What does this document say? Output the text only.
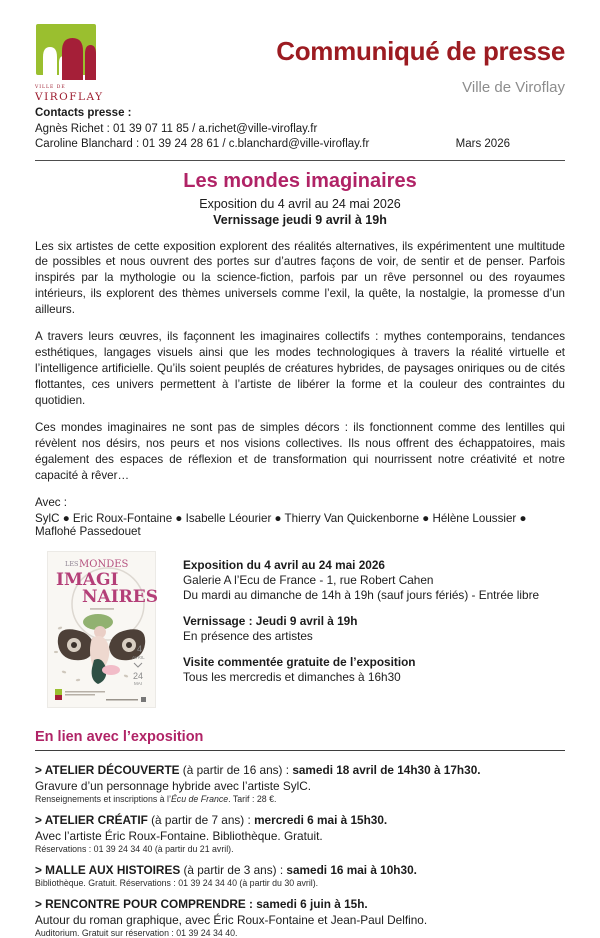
VILLE DE
VIROFLAY
Communiqué de presse
Ville de Viroflay
Contacts presse :
Agnès Richet : 01 39 07 11 85 / a.richet@ville-viroflay.fr
Caroline Blanchard : 01 39 24 28 61 / c.blanchard@ville-viroflay.fr	Mars 2026
Les mondes imaginaires
Exposition du 4 avril au 24 mai 2026
Vernissage jeudi 9 avril à 19h

Les six artistes de cette exposition explorent des réalités alternatives, ils expérimentent une multitude de possibles et nous ouvrent des portes sur d’autres façons de voir, de sentir et de penser. Parfois inspirés par la mythologie ou la science-fiction, parfois par un rêve personnel ou des royaumes intérieurs, ils explorent des thèmes universels comme l’exil, la quête, la nostalgie, la promesse d’un ailleurs.

A travers leurs œuvres, ils façonnent les imaginaires collectifs : mythes contemporains, tendances esthétiques, langages visuels ainsi que les modes technologiques à travers la réalité virtuelle et l’intelligence artificielle. Qu’ils soient peuplés de créatures hybrides, de paysages oniriques ou de cités flottantes, ces univers permettent à l’artiste de libérer la forme et la couleur des contraintes du quotidien.

Ces mondes imaginaires ne sont pas de simples décors : ils fonctionnent comme des lentilles qui révèlent nos désirs, nos peurs et nos visions collectives. Ils nous offrent des échappatoires, mais également des espaces de réflexion et de transformation qui nourrissent notre créativité et notre capacité à rêver…

Avec :
SylC ● Eric Roux-Fontaine ● Isabelle Léourier ● Thierry Van Quickenborne ● Hélène Loussier ● Maflohé Passedouet
LES MONDES
IMAGI
NAIRES
4
AVRIL
24
MAI
Exposition du 4 avril au 24 mai 2026
Galerie A l’Ecu de France - 1, rue Robert Cahen
Du mardi au dimanche de 14h à 19h (sauf jours fériés) - Entrée libre
Vernissage : Jeudi 9 avril à 19h
En présence des artistes
Visite commentée gratuite de l’exposition
Tous les mercredis et dimanches à 16h30
En lien avec l’exposition
> ATELIER DÉCOUVERTE (à partir de 16 ans) : samedi 18 avril de 14h30 à 17h30.
Gravure d’un personnage hybride avec l’artiste SylC.
Renseignements et inscriptions à l’Écu de France. Tarif : 28 €.
> ATELIER CRÉATIF (à partir de 7 ans) : mercredi 6 mai à 15h30.
Avec l’artiste Éric Roux-Fontaine. Bibliothèque. Gratuit.
Réservations : 01 39 24 34 40 (à partir du 21 avril).
> MALLE AUX HISTOIRES (à partir de 3 ans) : samedi 16 mai à 10h30.
Bibliothèque. Gratuit. Réservations : 01 39 24 34 40 (à partir du 30 avril).
> RENCONTRE POUR COMPRENDRE : samedi 6 juin à 15h.
Autour du roman graphique, avec Éric Roux-Fontaine et Jean-Paul Delfino.
Auditorium. Gratuit sur réservation : 01 39 24 34 40.
